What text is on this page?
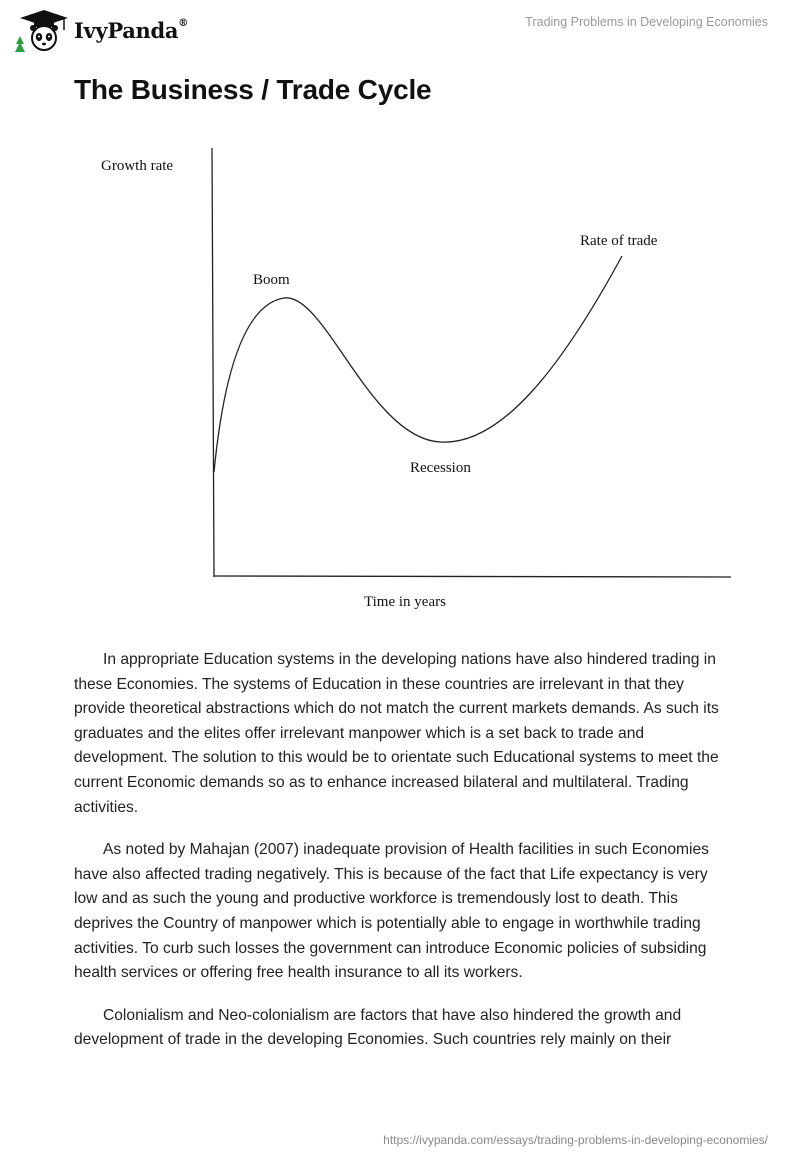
IvyPanda®	Trading Problems in Developing Economies
The Business / Trade Cycle
Growth rate
Time in years
Boom
Recession
Rate of trade

In appropriate Education systems in the developing nations have also hindered trading in these Economies. The systems of Education in these countries are irrelevant in that they provide theoretical abstractions which do not match the current markets demands. As such its graduates and the elites offer irrelevant manpower which is a set back to trade and development. The solution to this would be to orientate such Educational systems to meet the current Economic demands so as to enhance increased bilateral and multilateral. Trading activities.

As noted by Mahajan (2007) inadequate provision of Health facilities in such Economies have also affected trading negatively. This is because of the fact that Life expectancy is very low and as such the young and productive workforce is tremendously lost to death. This deprives the Country of manpower which is potentially able to engage in worthwhile trading activities. To curb such losses the government can introduce Economic policies of subsiding health services or offering free health insurance to all its workers.

Colonialism and Neo-colonialism are factors that have also hindered the growth and development of trade in the developing Economies. Such countries rely mainly on their

https://ivypanda.com/essays/trading-problems-in-developing-economies/
